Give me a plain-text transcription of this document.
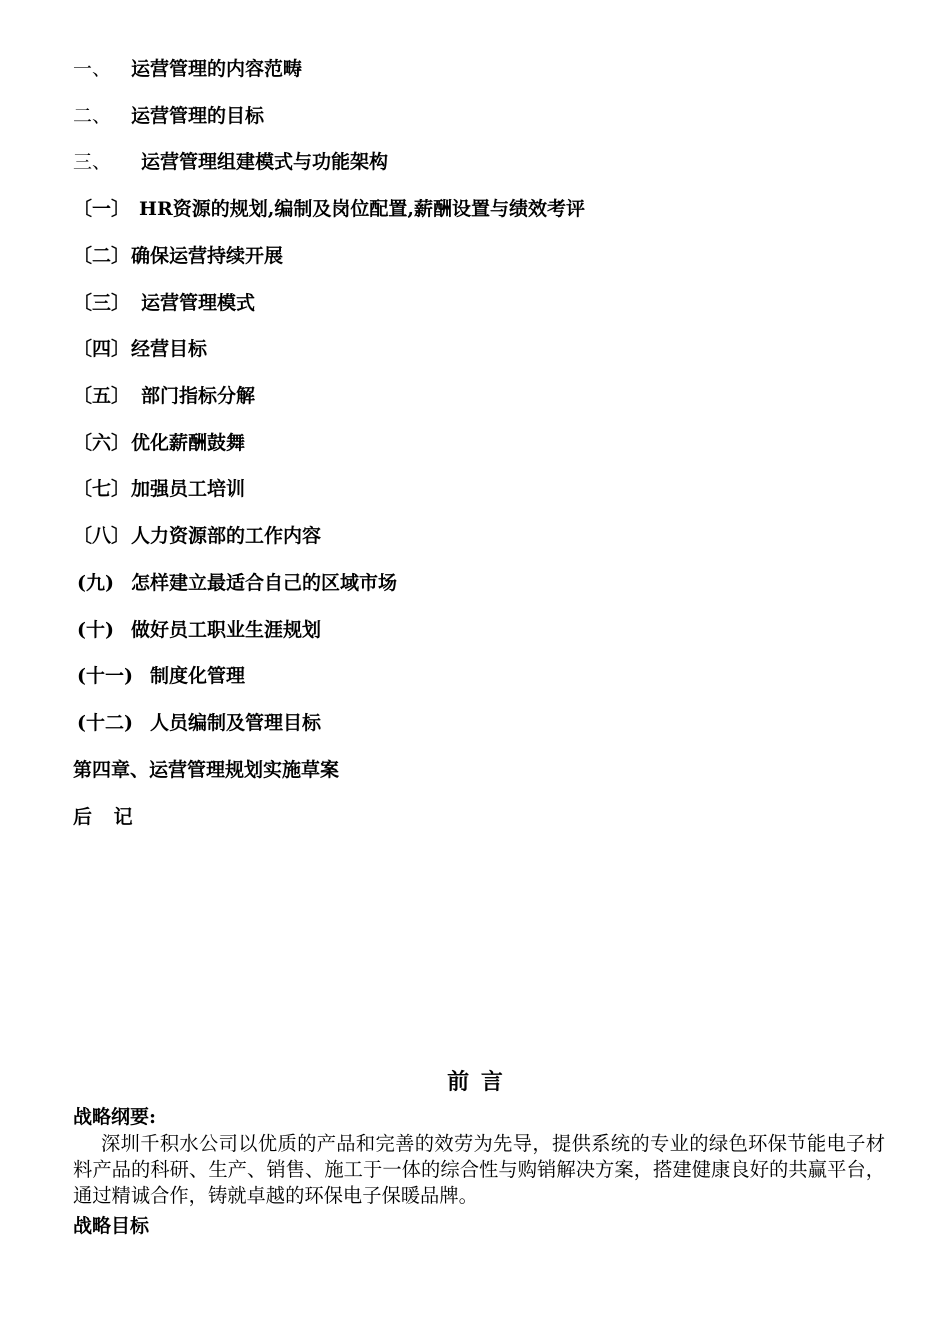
一、 运营管理的内容范畴
二、 运营管理的目标
三、 运营管理组建模式与功能架构
〔一〕 HR资源的规划,编制及岗位配置,薪酬设置与绩效考评
〔二〕确保运营持续开展
〔三〕 运营管理模式
〔四〕经营目标
〔五〕 部门指标分解
〔六〕优化薪酬鼓舞
〔七〕加强员工培训
〔八〕人力资源部的工作内容
(九) 怎样建立最适合自己的区域市场
(十) 做好员工职业生涯规划
(十一) 制度化管理
(十二) 人员编制及管理目标
第四章、运营管理规划实施草案
后 记
前 言
战略纲要:
深圳千积水公司以优质的产品和完善的效劳为先导，提供系统的专业的绿色环保节能电子材料产品的科研、生产、销售、施工于一体的综合性与购销解决方案，搭建健康良好的共赢平台，通过精诚合作，铸就卓越的环保电子保暖品牌。
战略目标
